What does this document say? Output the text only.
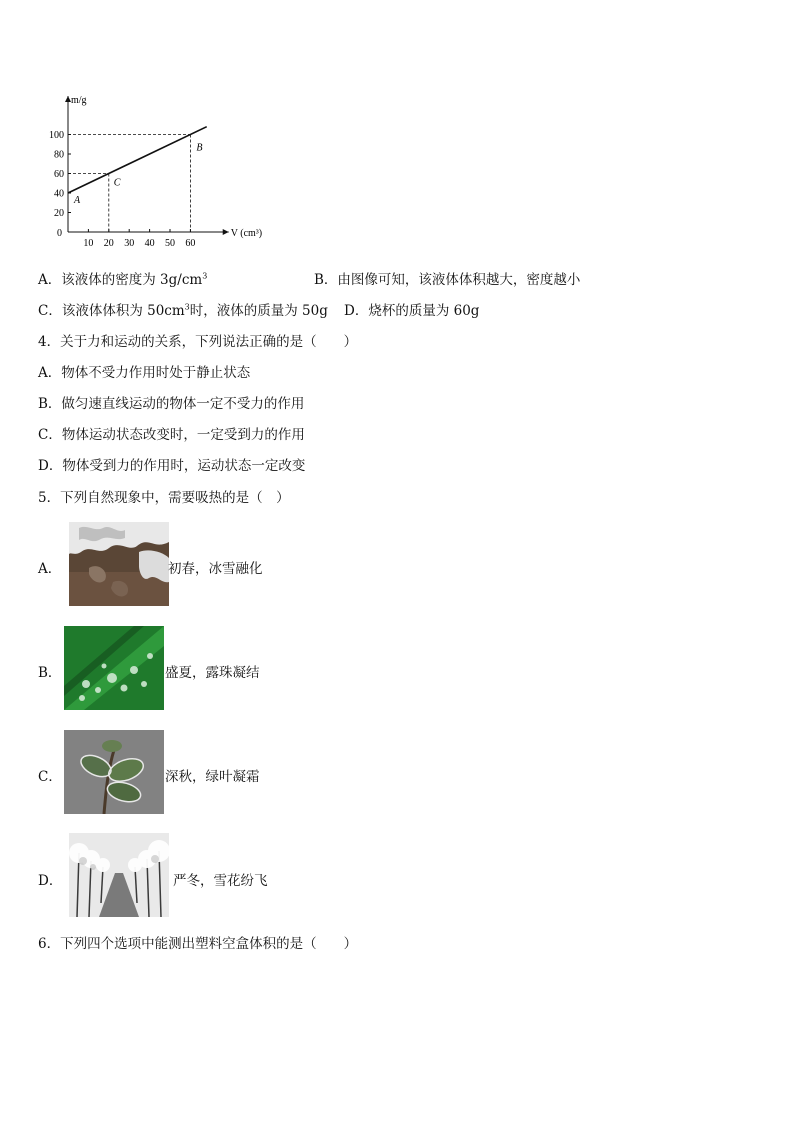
m/g
V (cm³)
0
10 20 30 40 50 60
20
40
60
80
100
A
C
B
A．该液体的密度为 $3g/cm^3$	B．由图像可知，该液体体积越大，密度越小
C．该液体体积为 $50cm^3$时，液体的质量为 50g D．烧杯的质量为 60g
4．关于力和运动的关系，下列说法正确的是（　　）
A．物体不受力作用时处于静止状态
B．做匀速直线运动的物体一定不受力的作用
C．物体运动状态改变时，一定受到力的作用
D．物体受到力的作用时，运动状态一定改变
5．下列自然现象中，需要吸热的是（　）
A．	初春，冰雪融化
B．	盛夏，露珠凝结
C．	深秋，绿叶凝霜
D．	严冬，雪花纷飞
6．下列四个选项中能测出塑料空盒体积的是（　　）
